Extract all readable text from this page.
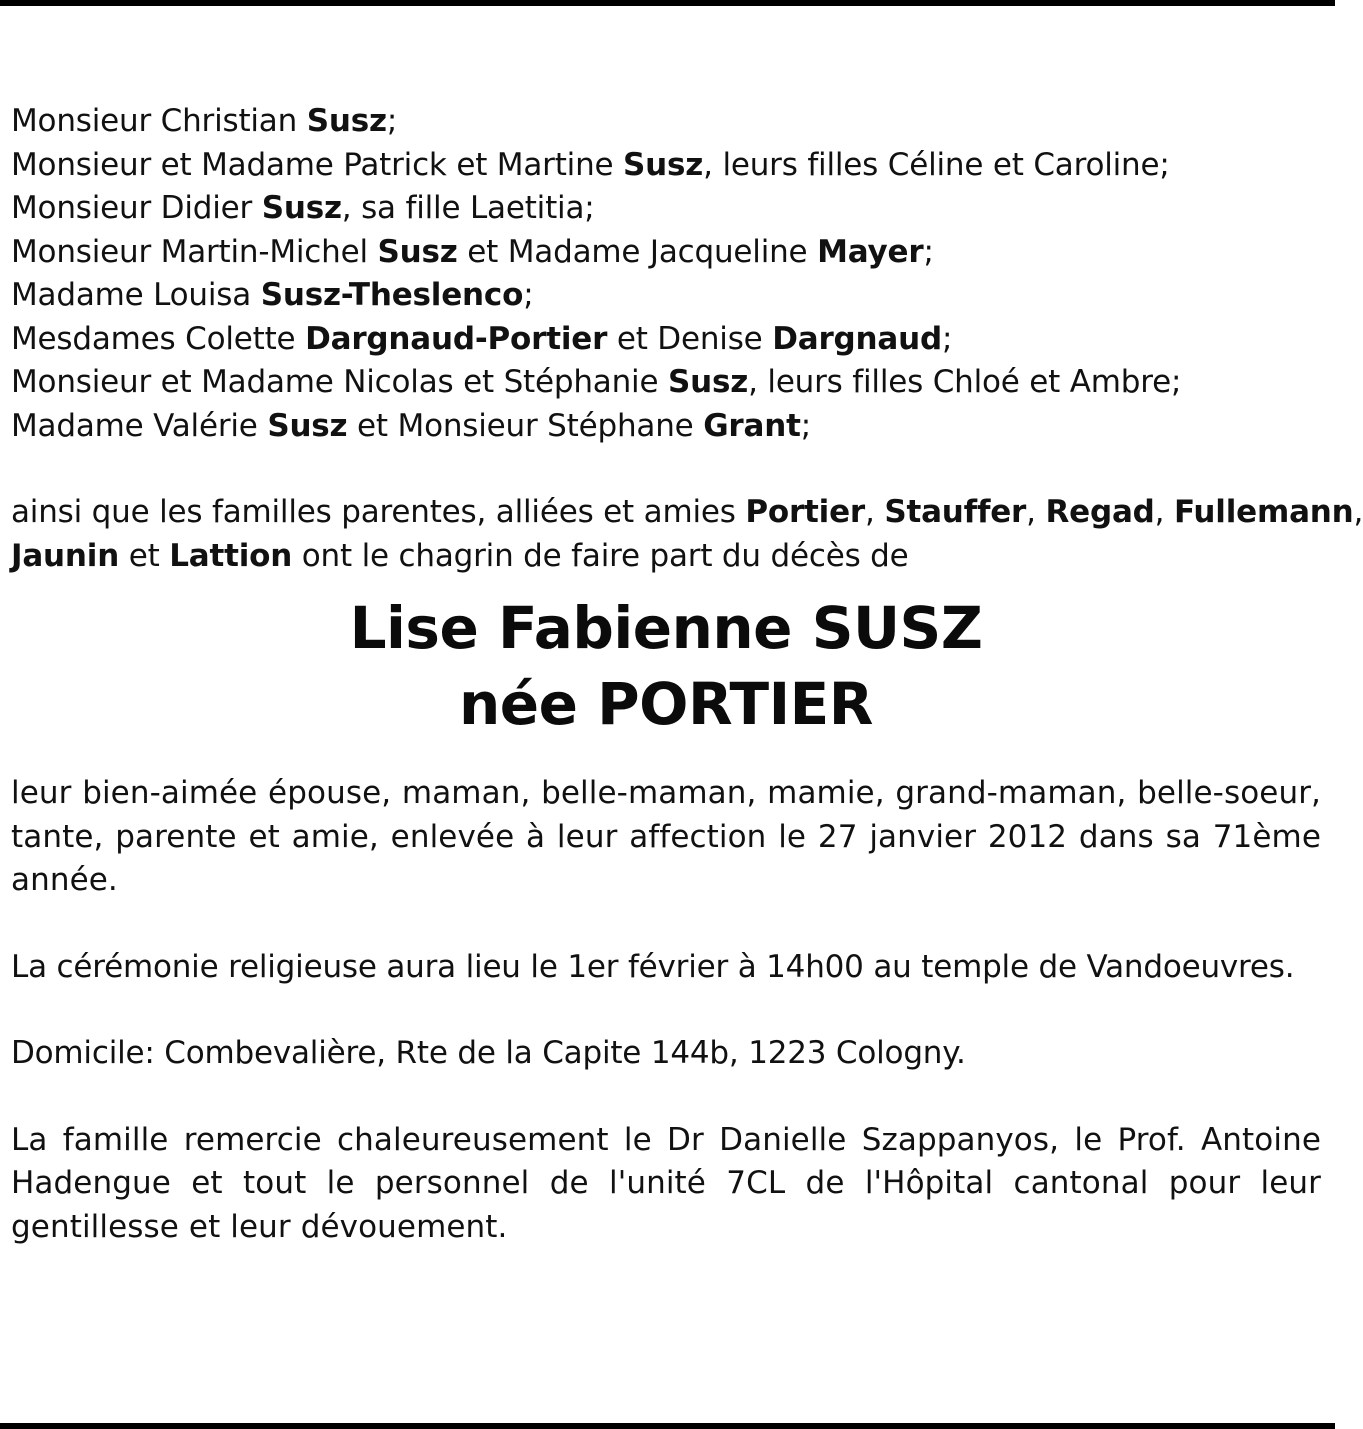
Monsieur Christian Susz;
Monsieur et Madame Patrick et Martine Susz, leurs filles Céline et Caroline;
Monsieur Didier Susz, sa fille Laetitia;
Monsieur Martin-Michel Susz et Madame Jacqueline Mayer;
Madame Louisa Susz-Theslenco;
Mesdames Colette Dargnaud-Portier et Denise Dargnaud;
Monsieur et Madame Nicolas et Stéphanie Susz, leurs filles Chloé et Ambre;
Madame Valérie Susz et Monsieur Stéphane Grant;
ainsi que les familles parentes, alliées et amies Portier, Stauffer, Regad, Fullemann,
Jaunin et Lattion ont le chagrin de faire part du décès de
Lise Fabienne SUSZ
née PORTIER
leur bien-aimée épouse, maman, belle-maman, mamie, grand-maman, belle-soeur, tante, parente et amie, enlevée à leur affection le 27 janvier 2012 dans sa 71ème année.
La cérémonie religieuse aura lieu le 1er février à 14h00 au temple de Vandoeuvres.
Domicile: Combevalière, Rte de la Capite 144b, 1223 Cologny.
La famille remercie chaleureusement le Dr Danielle Szappanyos, le Prof. Antoine Hadengue et tout le personnel de l'unité 7CL de l'Hôpital cantonal pour leur gentillesse et leur dévouement.
